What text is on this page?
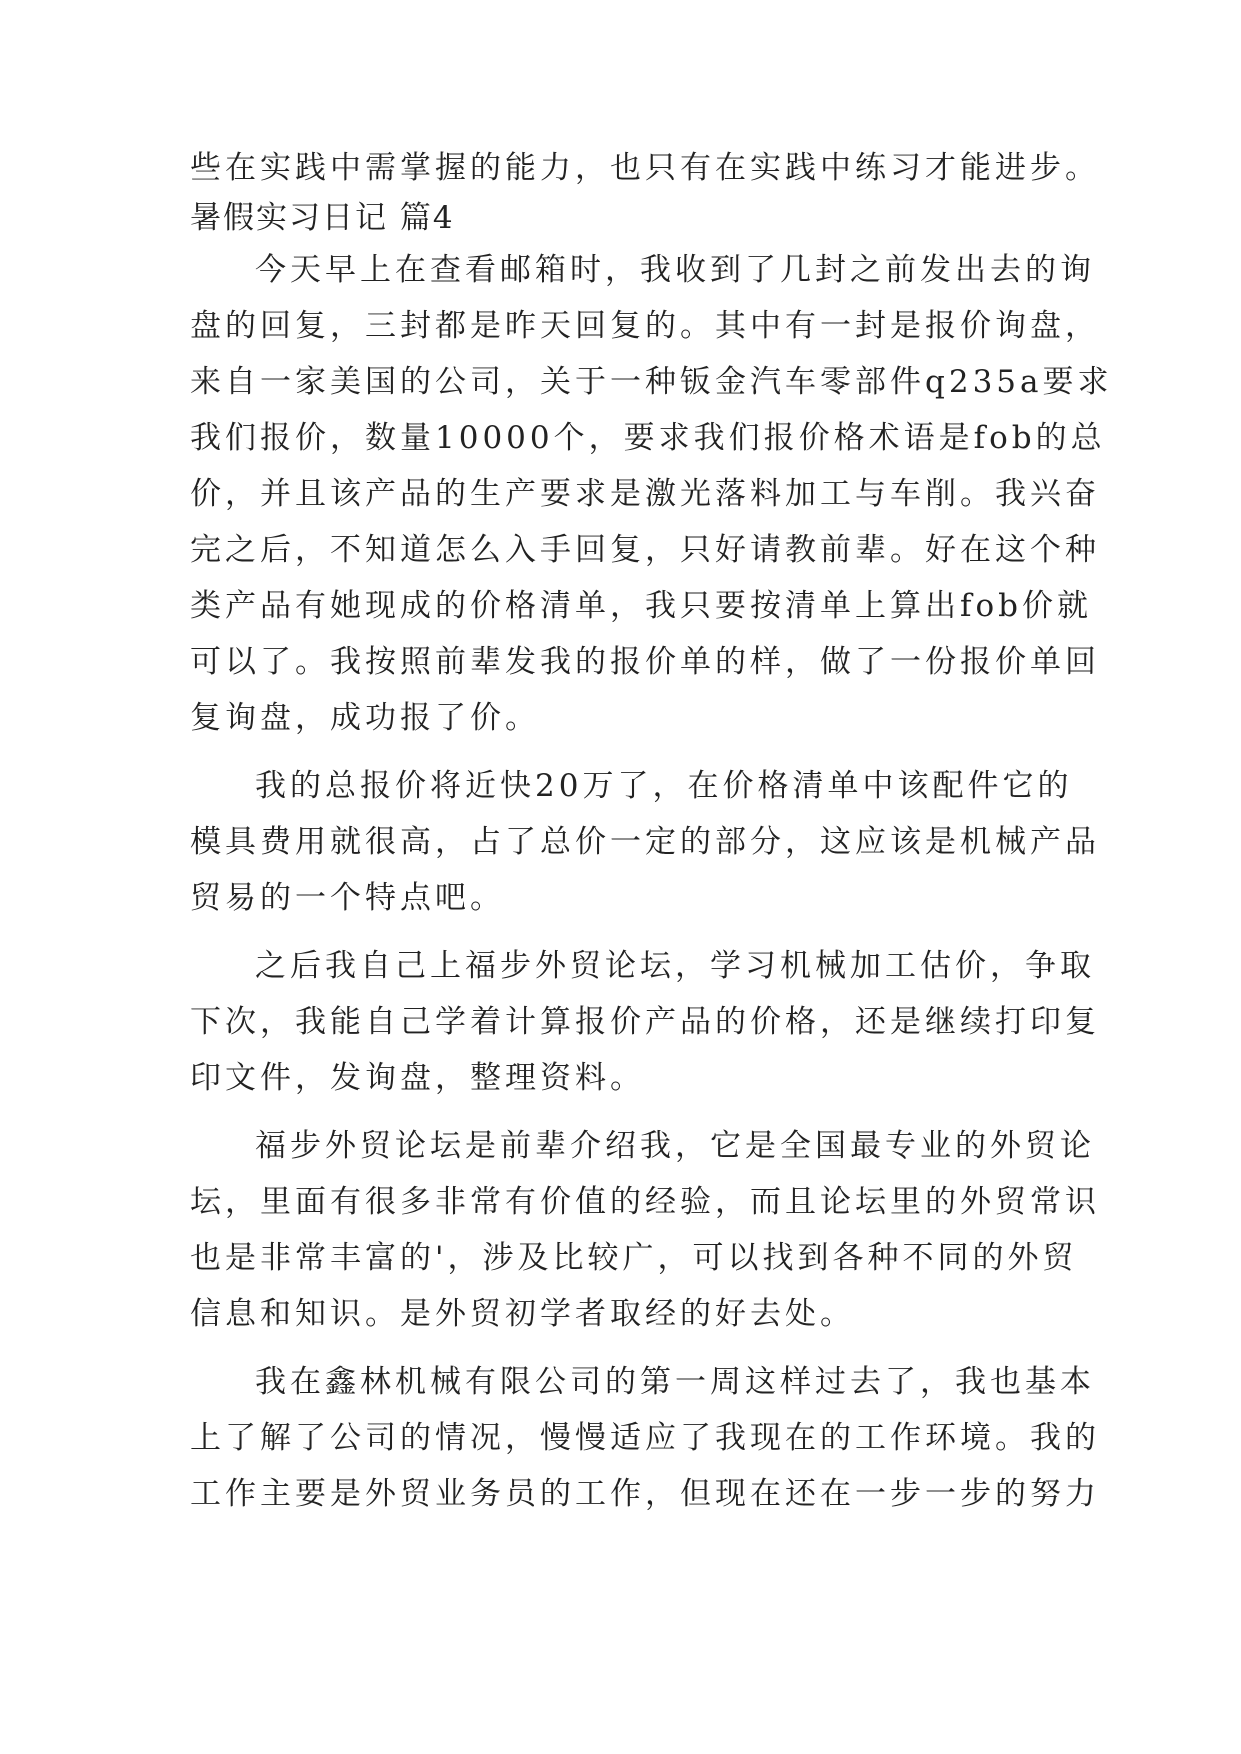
些在实践中需掌握的能力，也只有在实践中练习才能进步。
暑假实习日记 篇4
今天早上在查看邮箱时，我收到了几封之前发出去的询
盘的回复，三封都是昨天回复的。其中有一封是报价询盘，
来自一家美国的公司，关于一种钣金汽车零部件q235a要求
我们报价，数量10000个，要求我们报价格术语是fob的总
价，并且该产品的生产要求是激光落料加工与车削。我兴奋
完之后，不知道怎么入手回复，只好请教前辈。好在这个种
类产品有她现成的价格清单，我只要按清单上算出fob价就
可以了。我按照前辈发我的报价单的样，做了一份报价单回
复询盘，成功报了价。
我的总报价将近快20万了，在价格清单中该配件它的
模具费用就很高，占了总价一定的部分，这应该是机械产品
贸易的一个特点吧。
之后我自己上福步外贸论坛，学习机械加工估价，争取
下次，我能自己学着计算报价产品的价格，还是继续打印复
印文件，发询盘，整理资料。
福步外贸论坛是前辈介绍我，它是全国最专业的外贸论
坛，里面有很多非常有价值的经验，而且论坛里的外贸常识
也是非常丰富的'，涉及比较广，可以找到各种不同的外贸
信息和知识。是外贸初学者取经的好去处。
我在鑫林机械有限公司的第一周这样过去了，我也基本
上了解了公司的情况，慢慢适应了我现在的工作环境。我的
工作主要是外贸业务员的工作，但现在还在一步一步的努力
